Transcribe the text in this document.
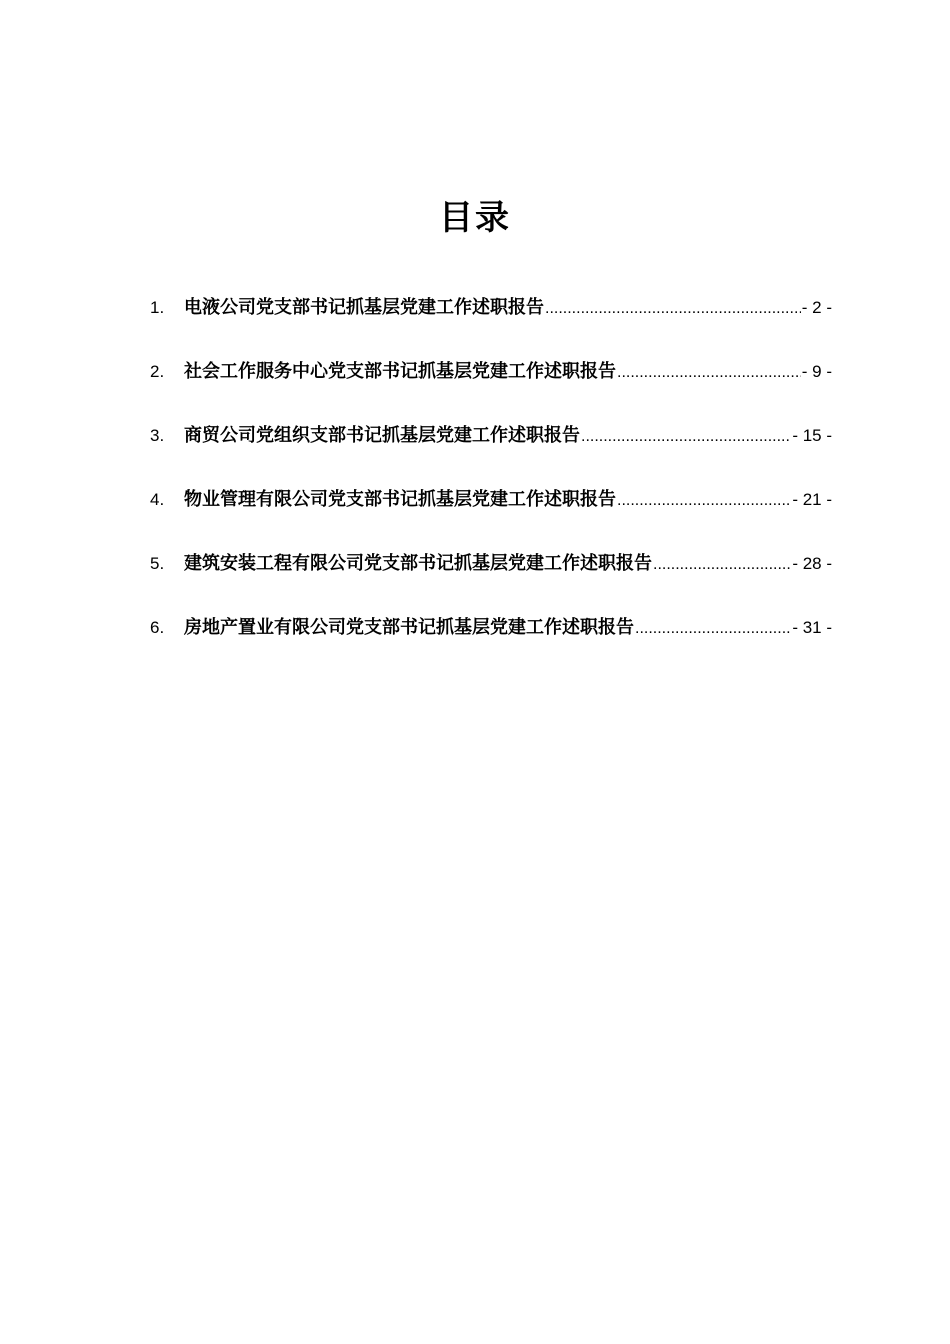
目录
1.	电液公司党支部书记抓基层党建工作述职报告 .....	- 2 -
2.	社会工作服务中心党支部书记抓基层党建工作述职报告 .....	- 9 -
3.	商贸公司党组织支部书记抓基层党建工作述职报告 .....	- 15 -
4.	物业管理有限公司党支部书记抓基层党建工作述职报告 .....	- 21 -
5.	建筑安装工程有限公司党支部书记抓基层党建工作述职报告 .....	- 28 -
6.	房地产置业有限公司党支部书记抓基层党建工作述职报告 .....	- 31 -
